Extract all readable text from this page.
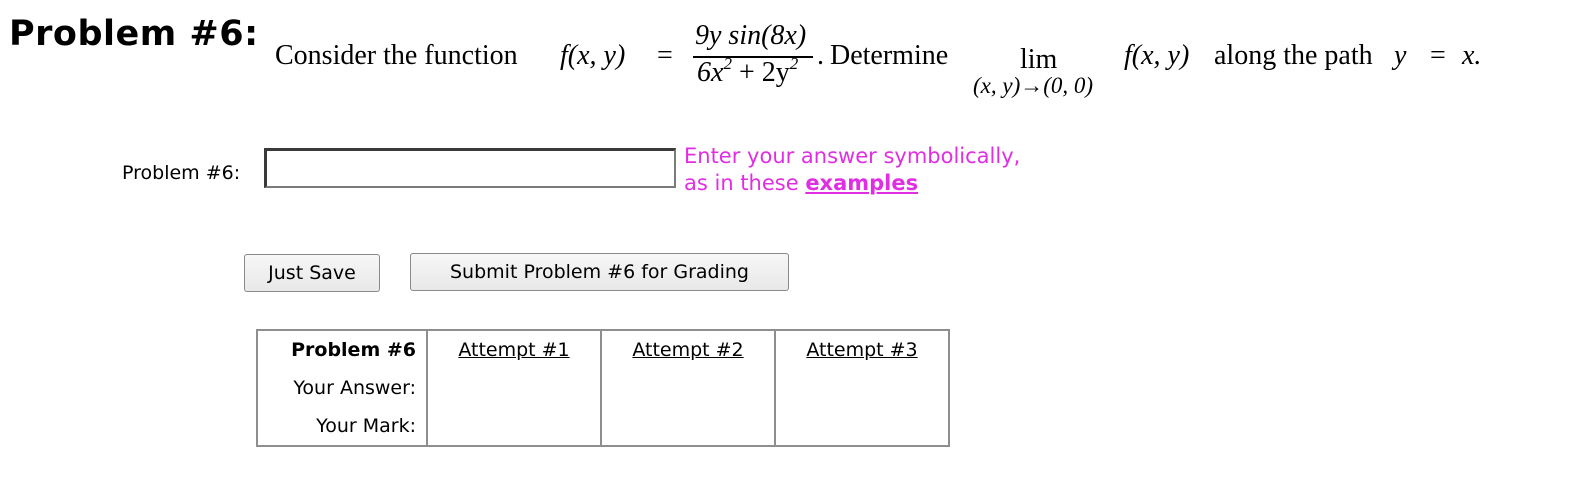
Problem #6:
Consider the function f(x, y) =
9y sin(8x)
$6x^2 + 2y^2$ . Determine	lim
(x, y)→(0, 0)
f(x, y) along the path y = x.
Problem #6:
Enter your answer symbolically,
as in these examples
Just Save	Submit Problem #6 for Grading
Problem #6	Attempt #1	Attempt #2	Attempt #3
Your Answer:			
Your Mark:			
